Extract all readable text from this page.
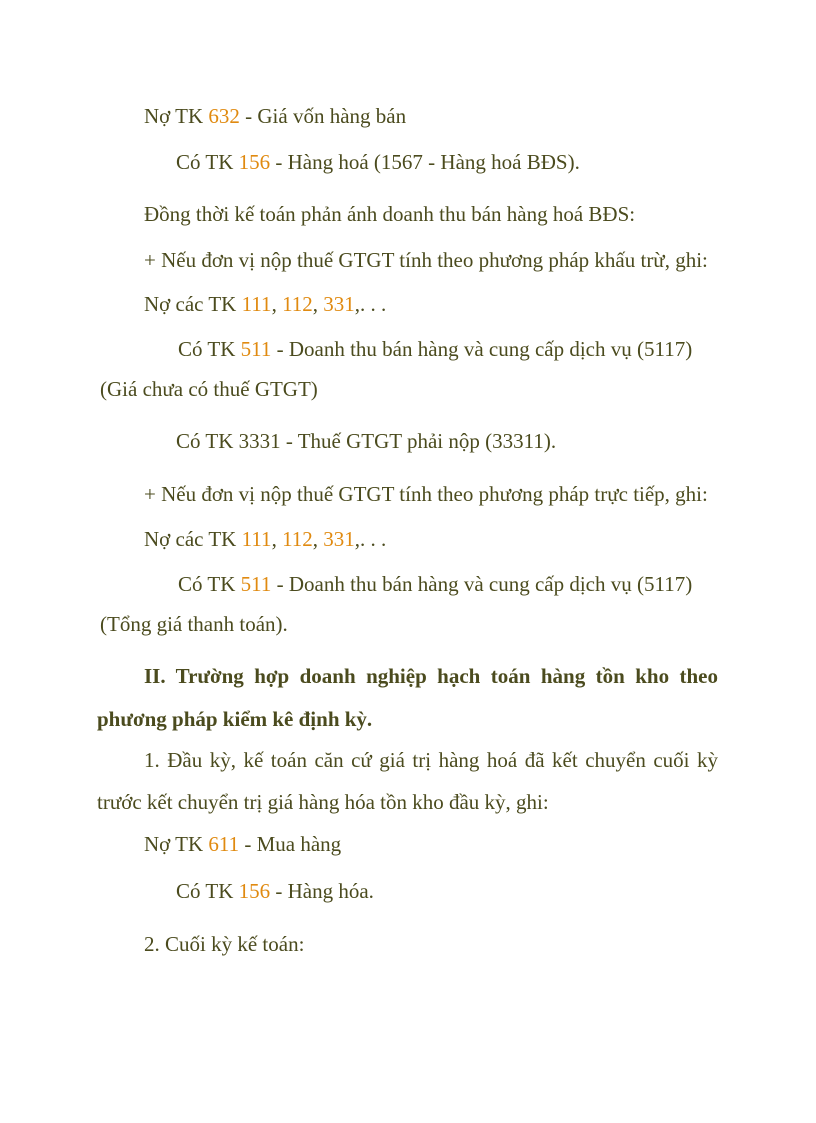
Nợ TK 632 - Giá vốn hàng bán
Có TK 156 - Hàng hoá (1567 - Hàng hoá BĐS).
Đồng thời kế toán phản ánh doanh thu bán hàng hoá BĐS:
+ Nếu đơn vị nộp thuế GTGT tính theo phương pháp khấu trừ, ghi:
Nợ các TK 111, 112, 331,. . .
Có TK 511 - Doanh thu bán hàng và cung cấp dịch vụ (5117)
(Giá chưa có thuế GTGT)
Có TK 3331 - Thuế GTGT phải nộp (33311).
+ Nếu đơn vị nộp thuế GTGT tính theo phương pháp trực tiếp, ghi:
Nợ các TK 111, 112, 331,. . .
Có TK 511 - Doanh thu bán hàng và cung cấp dịch vụ (5117)
(Tổng giá thanh toán).
II. Trường hợp doanh nghiệp hạch toán hàng tồn kho theo
phương pháp kiểm kê định kỳ.
1. Đầu kỳ, kế toán căn cứ giá trị hàng hoá đã kết chuyển cuối kỳ
trước kết chuyển trị giá hàng hóa tồn kho đầu kỳ, ghi:
Nợ TK 611 - Mua hàng
Có TK 156 - Hàng hóa.
2. Cuối kỳ kế toán:
